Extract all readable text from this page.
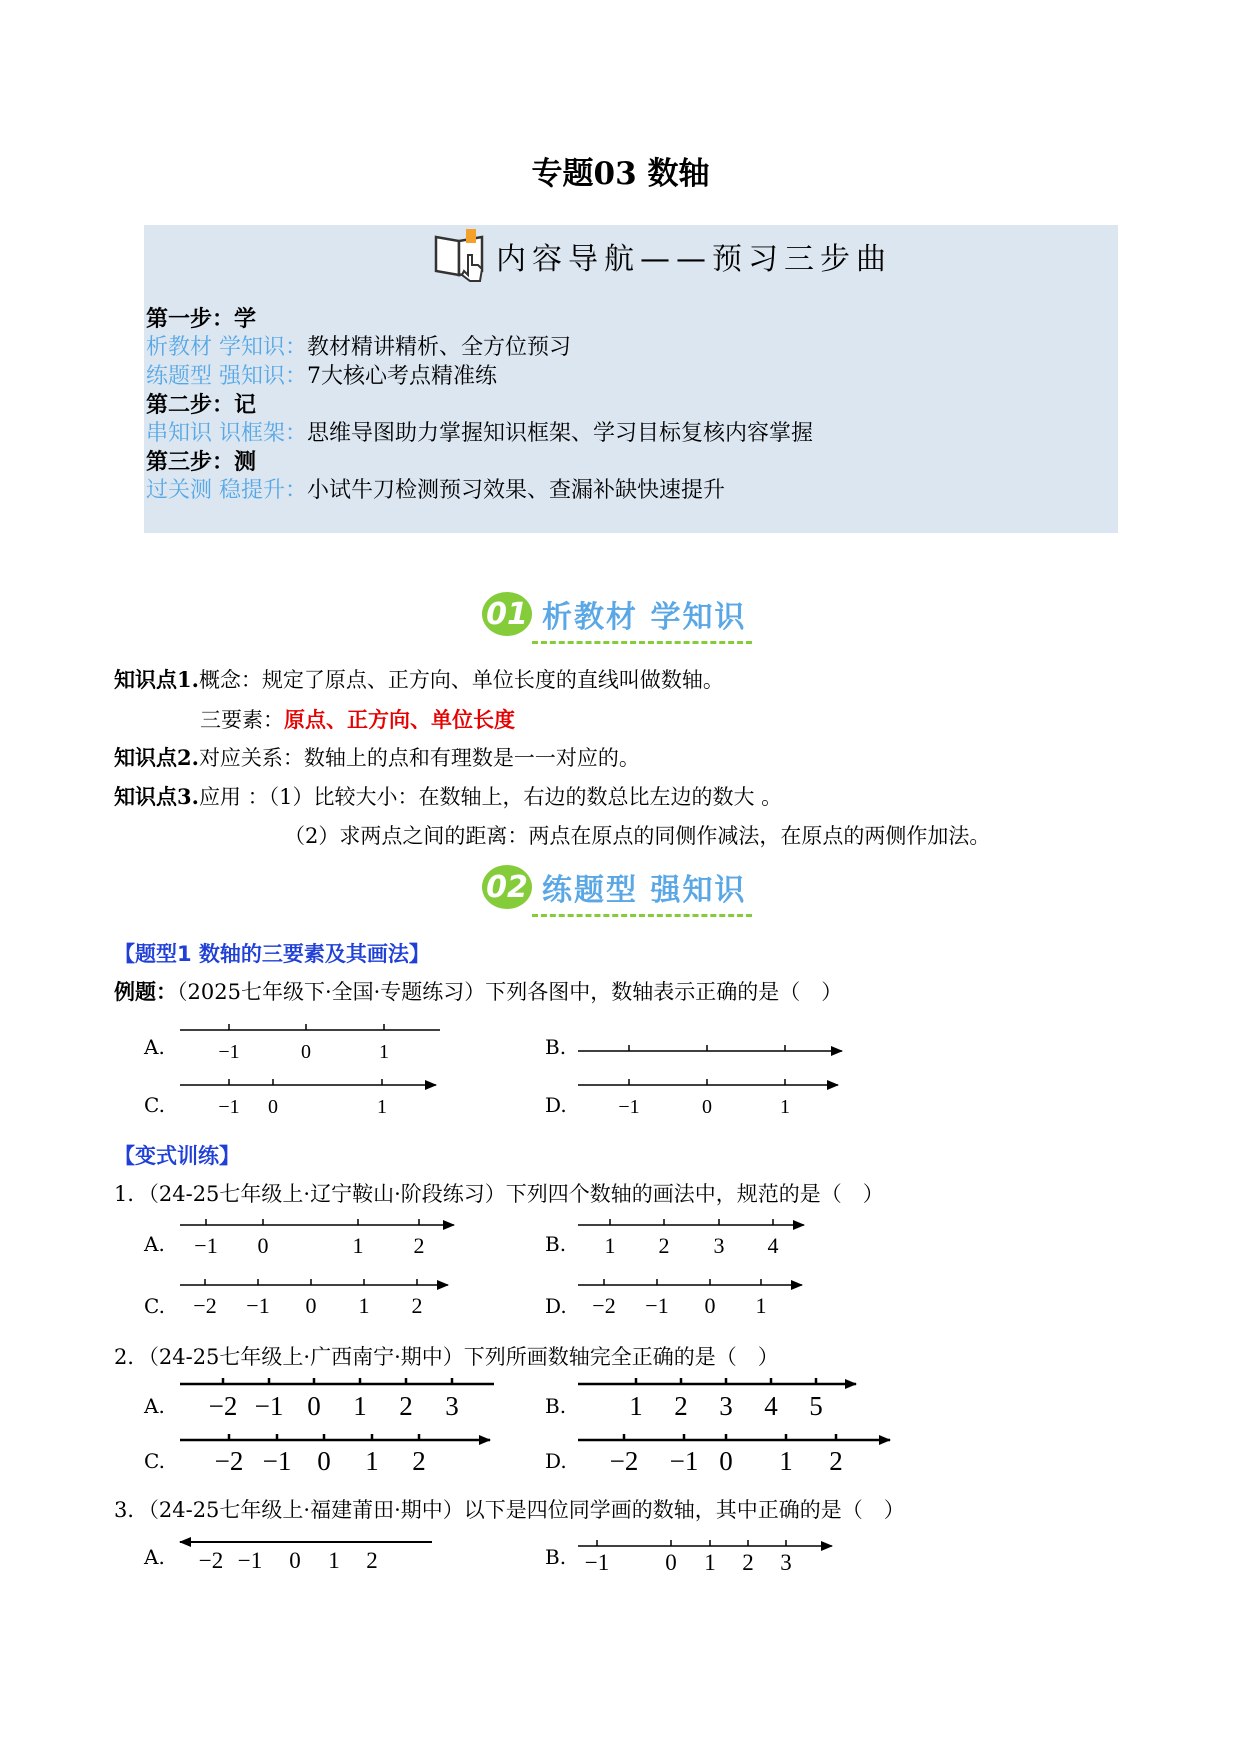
专题03 数轴
内容导航——预习三步曲
第一步：学
析教材 学知识：教材精讲精析、全方位预习
练题型 强知识：7大核心考点精准练
第二步：记
串知识 识框架：思维导图助力掌握知识框架、学习目标复核内容掌握
第三步：测
过关测 稳提升：小试牛刀检测预习效果、查漏补缺快速提升
01 析教材 学知识
知识点1.概念：规定了原点、正方向、单位长度的直线叫做数轴。
三要素：原点、正方向、单位长度
知识点2.对应关系：数轴上的点和有理数是一一对应的。
知识点3.应用 ：（1）比较大小：在数轴上，右边的数总比左边的数大 。
（2）求两点之间的距离：两点在原点的同侧作减法，在原点的两侧作加法。
02 练题型 强知识
【题型1 数轴的三要素及其画法】
例题：（2025七年级下·全国·专题练习）下列各图中，数轴表示正确的是（　）
A.	B.
C.	D.
【变式训练】
1．（24-25七年级上·辽宁鞍山·阶段练习）下列四个数轴的画法中，规范的是（　）
A.	B.
C.	D.
2．（24-25七年级上·广西南宁·期中）下列所画数轴完全正确的是（　）
A.	B.
C.	D.
3．（24-25七年级上·福建莆田·期中）以下是四位同学画的数轴，其中正确的是（　）
A.	B.
−1	0	1
−1 0	1	−1	0	1
−1 0	1 2	1 2 3 4
−2 −1 0 1 2	−2 −1 0 1
−2 −1 0 1 2 3	1 2 3 4 5
−2 −1 0 1 2	−2 −1 0 1 2
−2 −1 0 1 2	−1 0 1 2 3
